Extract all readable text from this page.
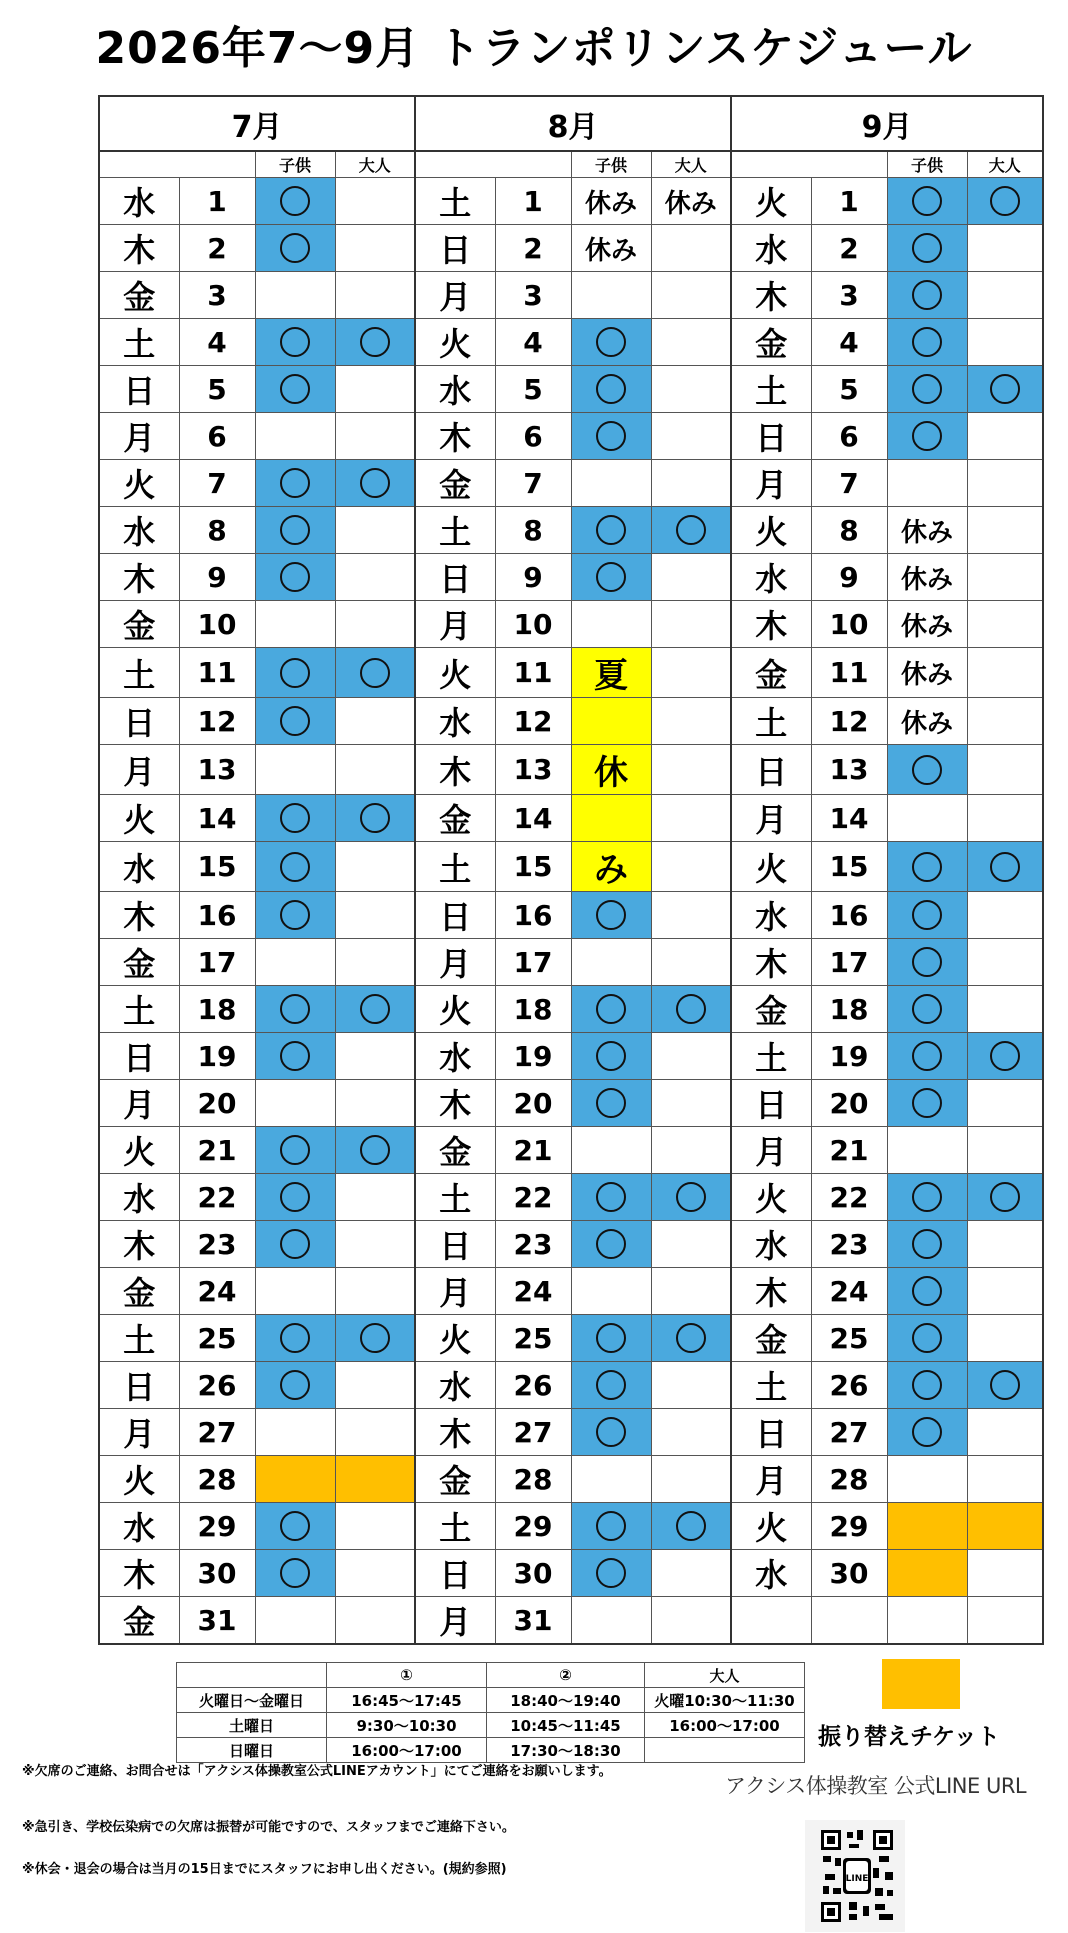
2026年7〜9月 トランポリンスケジュール
7月				8月				9月			
		子供	大人			子供	大人			子供	大人
水	1			土	1	休み	休み	火	1		
木	2			日	2	休み		水	2		
金	3			月	3			木	3		
土	4			火	4			金	4		
日	5			水	5			土	5		
月	6			木	6			日	6		
火	7			金	7			月	7		
水	8			土	8			火	8	休み	
木	9			日	9			水	9	休み	
金	10			月	10			木	10	休み	
土	11			火	11	夏		金	11	休み	
日	12			水	12			土	12	休み	
月	13			木	13	休		日	13		
火	14			金	14			月	14		
水	15			土	15	み		火	15		
木	16			日	16			水	16		
金	17			月	17			木	17		
土	18			火	18			金	18		
日	19			水	19			土	19		
月	20			木	20			日	20		
火	21			金	21			月	21		
水	22			土	22			火	22		
木	23			日	23			水	23		
金	24			月	24			木	24		
土	25			火	25			金	25		
日	26			水	26			土	26		
月	27			木	27			日	27		
火	28			金	28			月	28		
水	29			土	29			火	29		
木	30			日	30			水	30		
金	31			月	31						
	①	②	大人
火曜日〜金曜日	16:45〜17:45	18:40〜19:40	火曜10:30〜11:30
土曜日	9:30〜10:30	10:45〜11:45	16:00〜17:00
日曜日	16:00〜17:00	17:30〜18:30	
振り替えチケット
※欠席のご連絡、お問合せは「アクシス体操教室公式LINEアカウント」にてご連絡をお願いします。
アクシス体操教室 公式LINE URL
※急引き、学校伝染病での欠席は振替が可能ですので、スタッフまでご連絡下さい。
※休会・退会の場合は当月の15日までにスタッフにお申し出ください。(規約参照)
LINE
